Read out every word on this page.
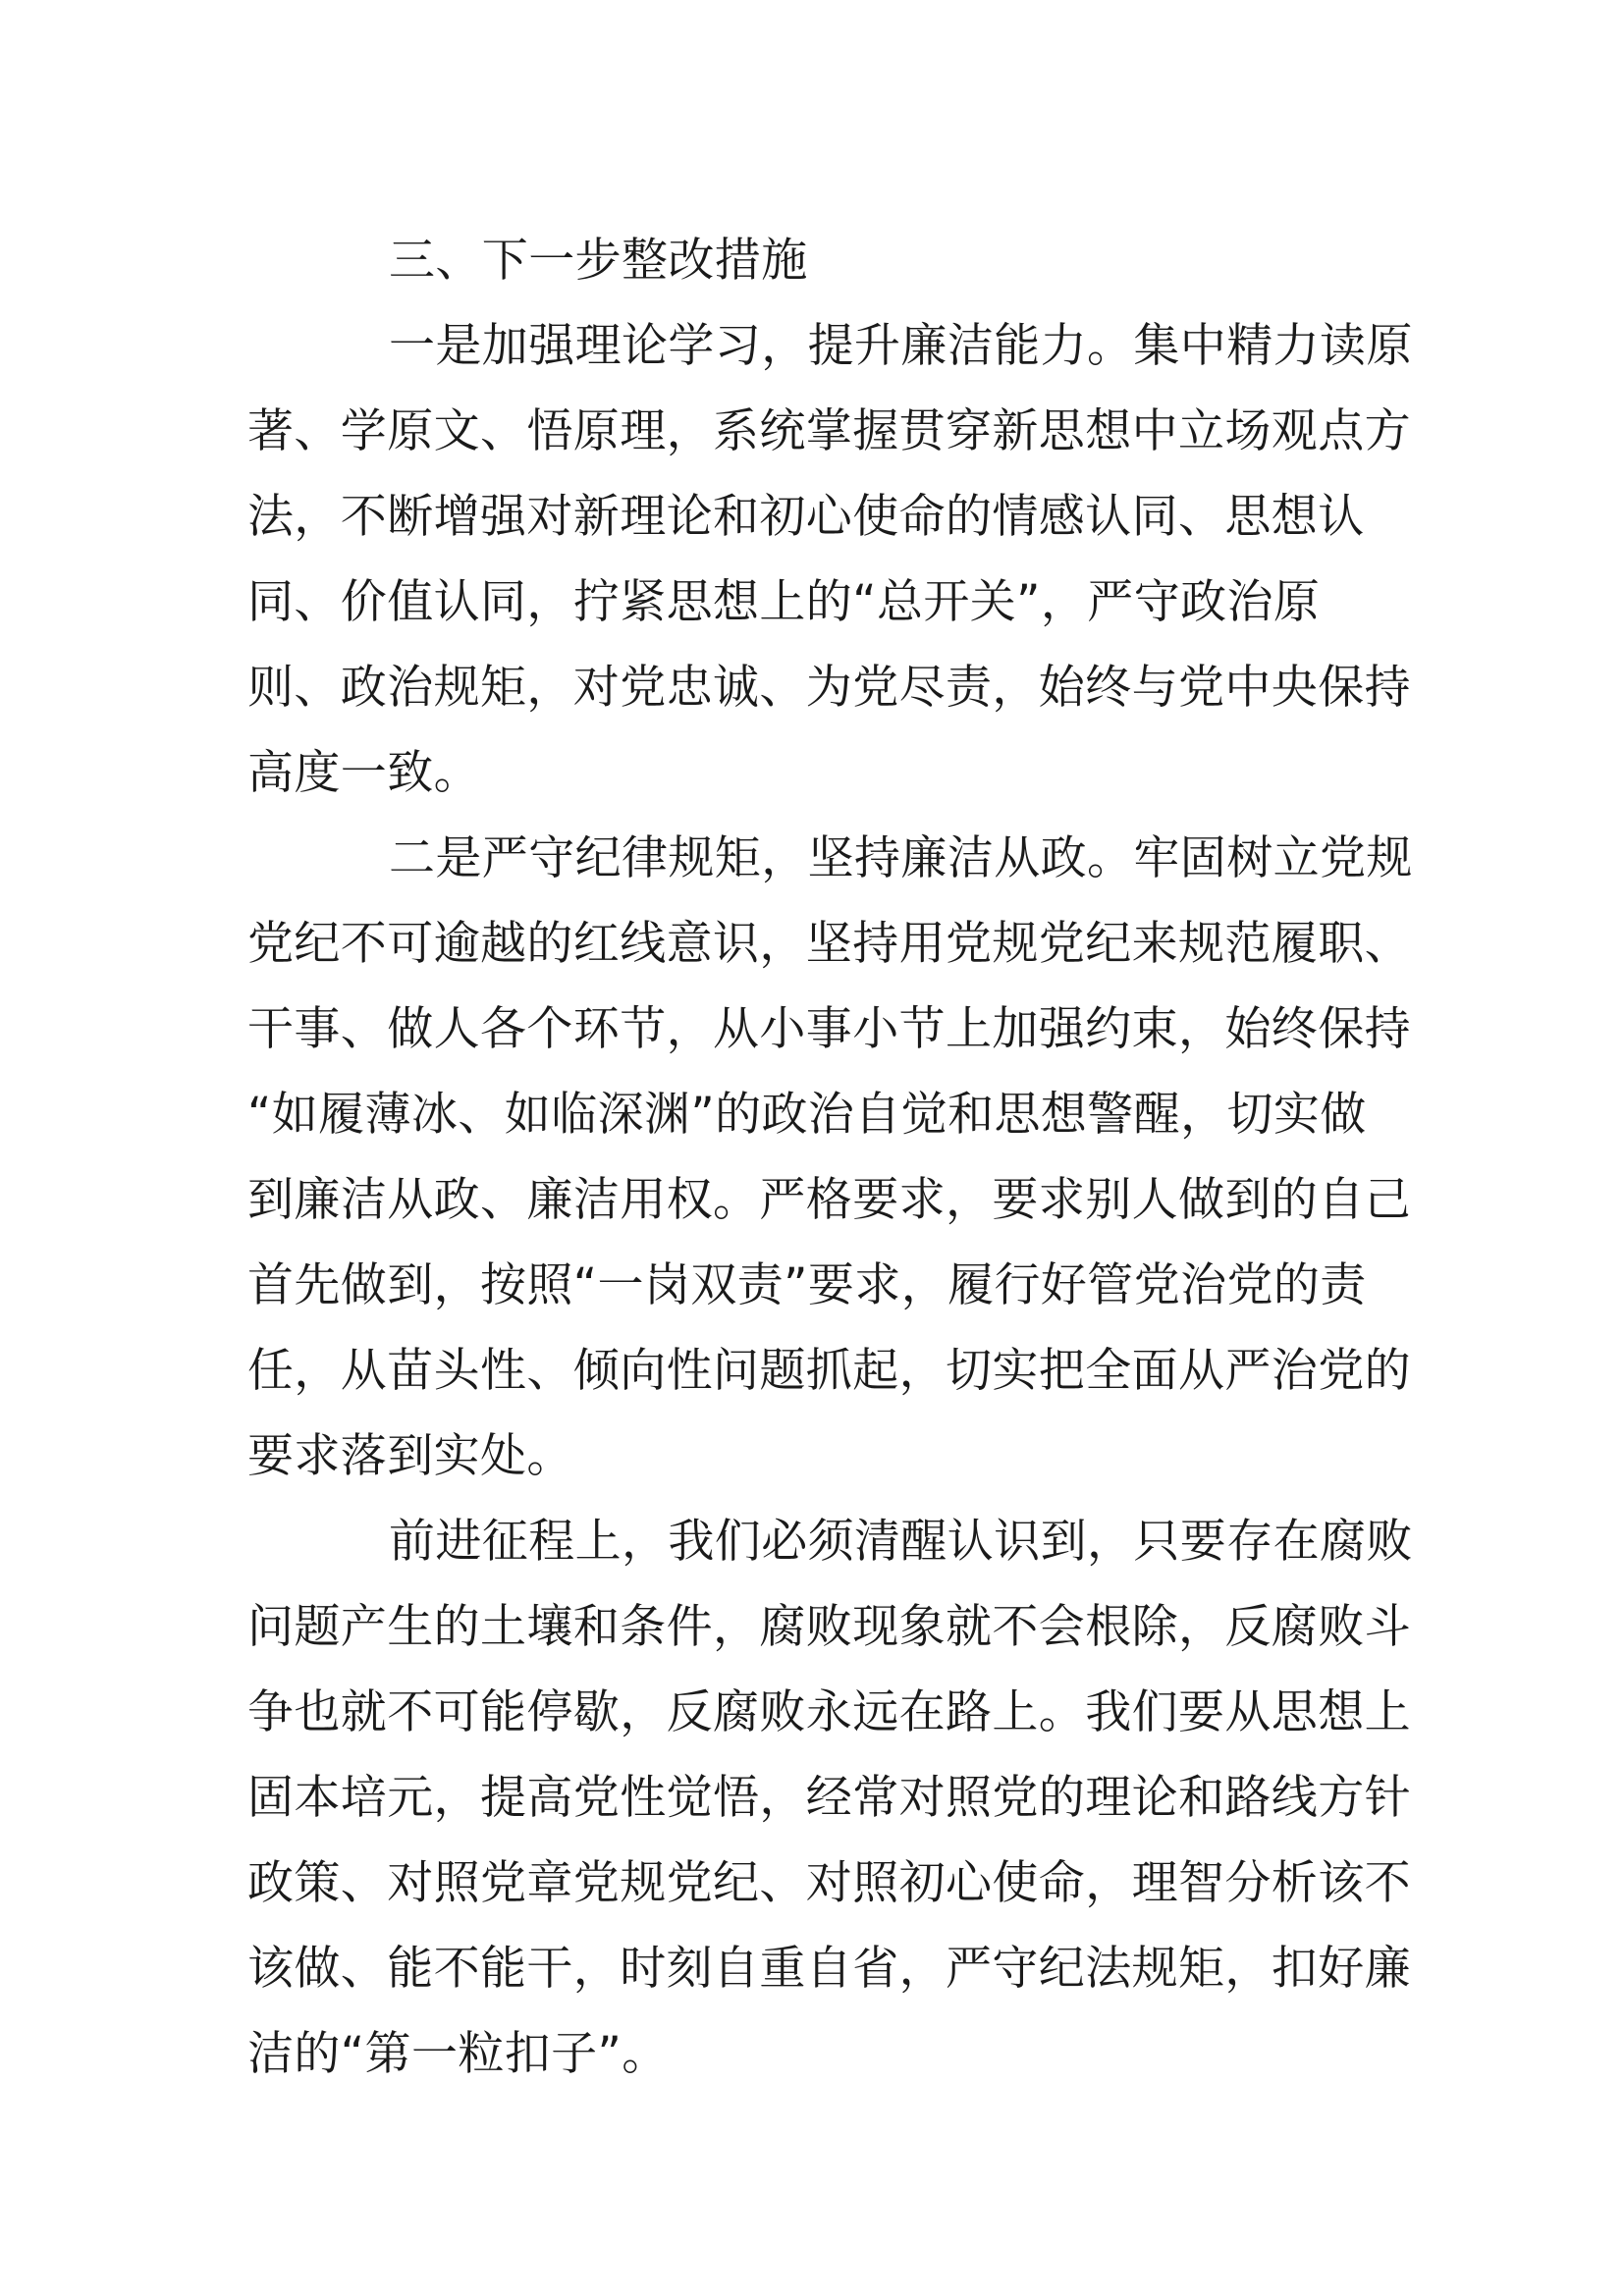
三、下一步整改措施
一是加强理论学习，提升廉洁能力。集中精力读原
著、学原文、悟原理，系统掌握贯穿新思想中立场观点方
法，不断增强对新理论和初心使命的情感认同、思想认
同、价值认同，拧紧思想上的“总开关”，严守政治原
则、政治规矩，对党忠诚、为党尽责，始终与党中央保持
高度一致。
二是严守纪律规矩，坚持廉洁从政。牢固树立党规
党纪不可逾越的红线意识，坚持用党规党纪来规范履职、
干事、做人各个环节，从小事小节上加强约束，始终保持
“如履薄冰、如临深渊”的政治自觉和思想警醒，切实做
到廉洁从政、廉洁用权。严格要求，要求别人做到的自己
首先做到，按照“一岗双责”要求，履行好管党治党的责
任，从苗头性、倾向性问题抓起，切实把全面从严治党的
要求落到实处。
前进征程上，我们必须清醒认识到，只要存在腐败
问题产生的土壤和条件，腐败现象就不会根除，反腐败斗
争也就不可能停歇，反腐败永远在路上。我们要从思想上
固本培元，提高党性觉悟，经常对照党的理论和路线方针
政策、对照党章党规党纪、对照初心使命，理智分析该不
该做、能不能干，时刻自重自省，严守纪法规矩，扣好廉
洁的“第一粒扣子”。
